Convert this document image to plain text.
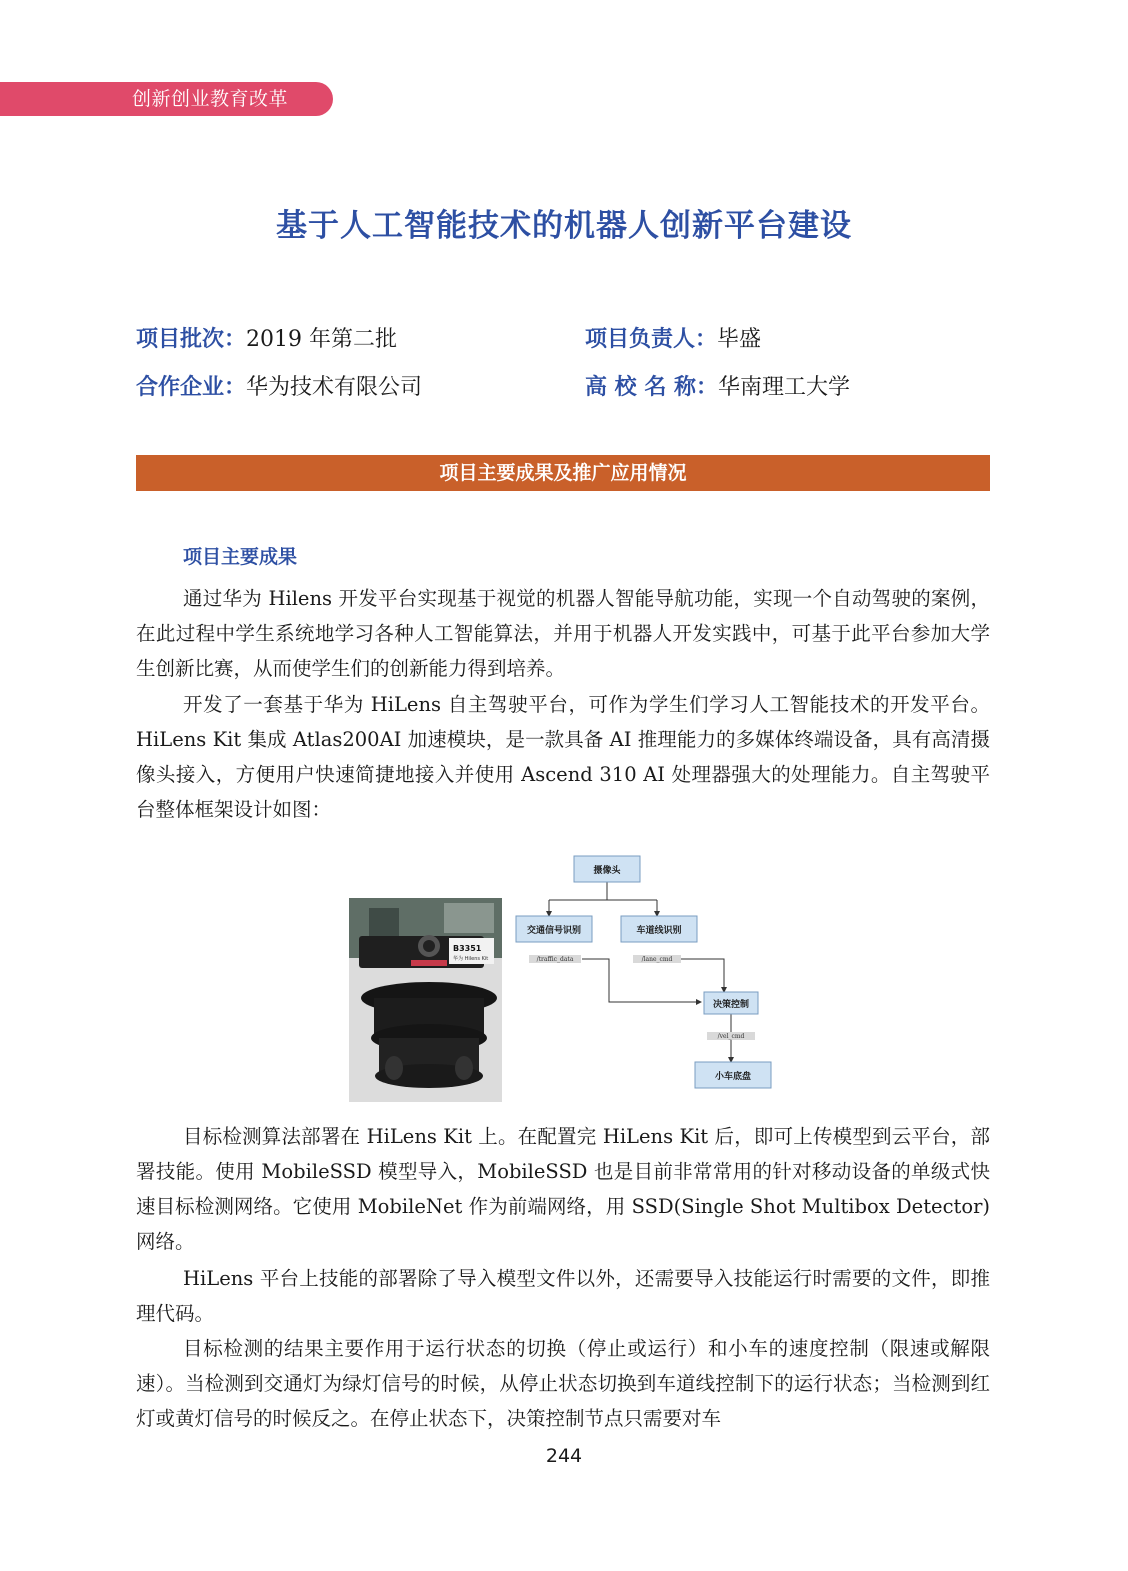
创新创业教育改革
基于人工智能技术的机器人创新平台建设
项目批次：2019 年第二批	项目负责人：毕盛
合作企业：华为技术有限公司	高 校 名 称：华南理工大学
项目主要成果及推广应用情况
项目主要成果

通过华为 Hilens 开发平台实现基于视觉的机器人智能导航功能，实现一个自动驾驶的案例，在此过程中学生系统地学习各种人工智能算法，并用于机器人开发实践中，可基于此平台参加大学生创新比赛，从而使学生们的创新能力得到培养。

开发了一套基于华为 HiLens 自主驾驶平台，可作为学生们学习人工智能技术的开发平台。HiLens Kit 集成 Atlas200AI 加速模块，是一款具备 AI 推理能力的多媒体终端设备，具有高清摄像头接入，方便用户快速简捷地接入并使用 Ascend 310 AI 处理器强大的处理能力。自主驾驶平台整体框架设计如图：

B3351
华为 Hilens Kit
摄像头
交通信号识别	车道线识别
决策控制
小车底盘
/traffic_data	/lane_cmd
/vel_cmd

目标检测算法部署在 HiLens Kit 上。在配置完 HiLens Kit 后，即可上传模型到云平台，部署技能。使用 MobileSSD 模型导入，MobileSSD 也是目前非常常用的针对移动设备的单级式快速目标检测网络。它使用 MobileNet 作为前端网络，用 SSD(Single Shot Multibox Detector) 网络。

HiLens 平台上技能的部署除了导入模型文件以外，还需要导入技能运行时需要的文件，即推理代码。

目标检测的结果主要作用于运行状态的切换（停止或运行）和小车的速度控制（限速或解限速）。当检测到交通灯为绿灯信号的时候，从停止状态切换到车道线控制下的运行状态；当检测到红灯或黄灯信号的时候反之。在停止状态下，决策控制节点只需要对车

244
